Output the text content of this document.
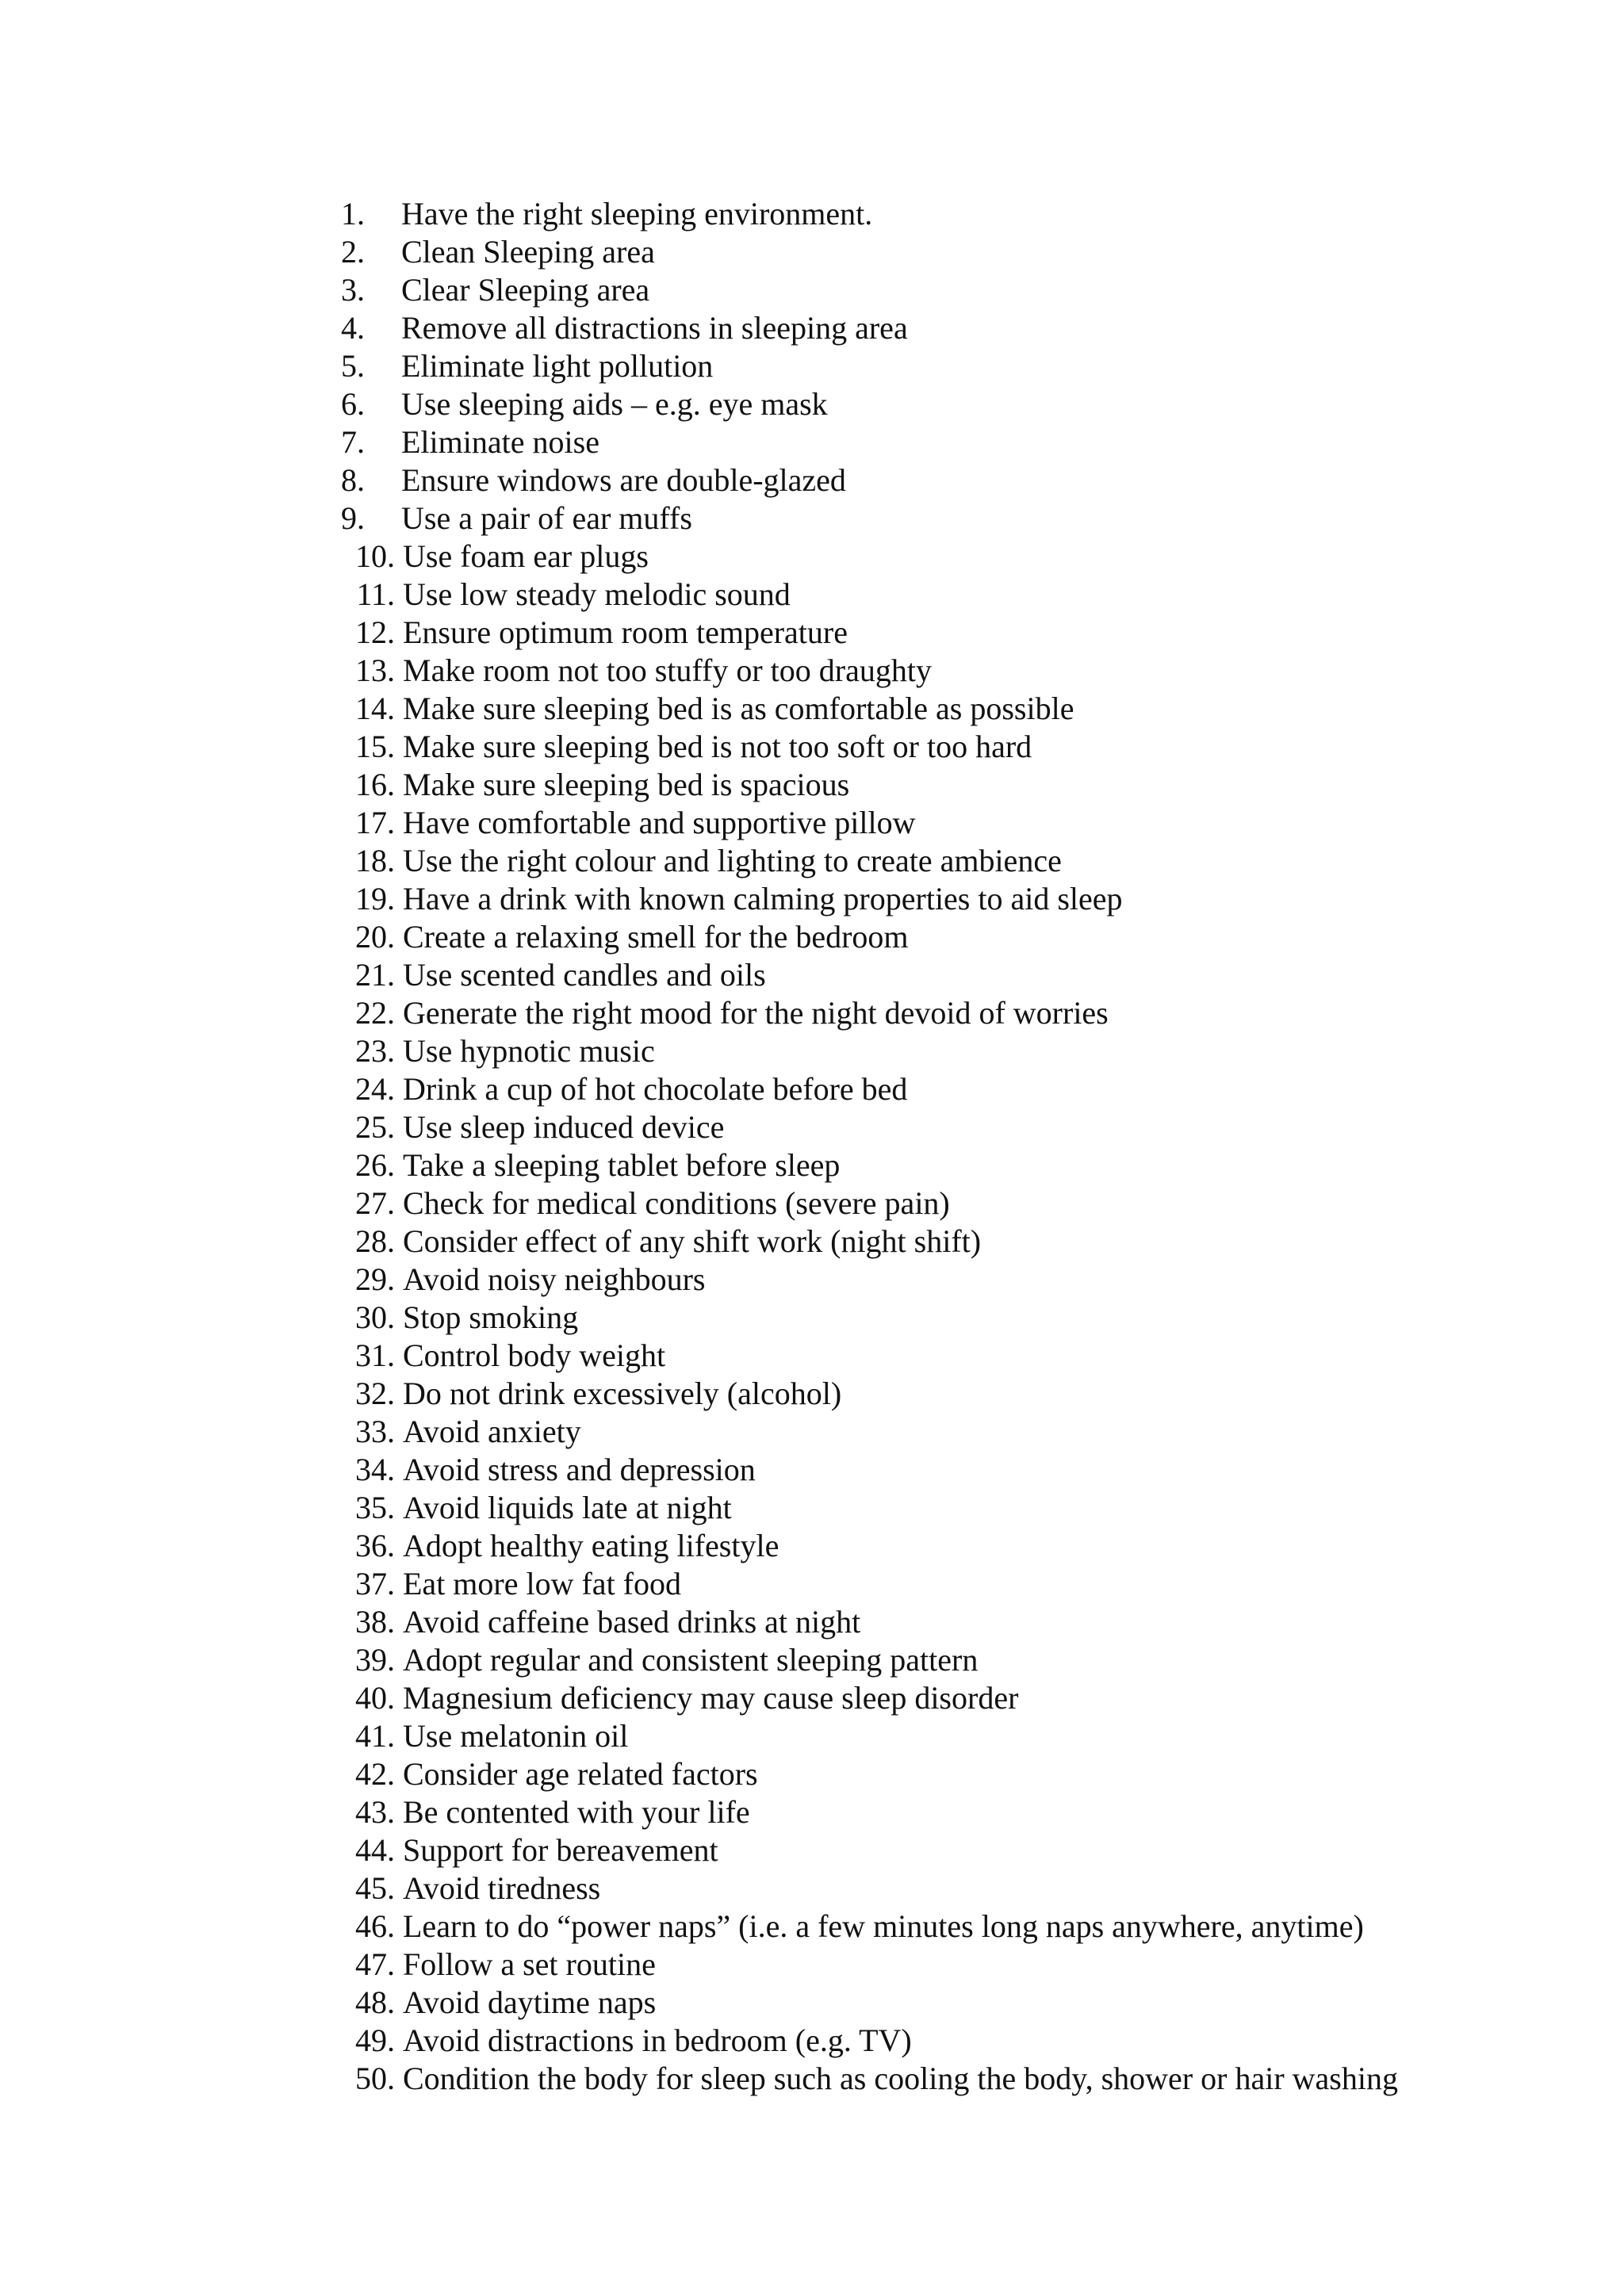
1.	Have the right sleeping environment.
2.	Clean Sleeping area
3.	Clear Sleeping area
4.	Remove all distractions in sleeping area
5.	Eliminate light pollution
6.	Use sleeping aids – e.g. eye mask
7.	Eliminate noise
8.	Ensure windows are double-glazed
9.	Use a pair of ear muffs
10. Use foam ear plugs
11. Use low steady melodic sound
12. Ensure optimum room temperature
13. Make room not too stuffy or too draughty
14. Make sure sleeping bed is as comfortable as possible
15. Make sure sleeping bed is not too soft or too hard
16. Make sure sleeping bed is spacious
17. Have comfortable and supportive pillow
18. Use the right colour and lighting to create ambience
19. Have a drink with known calming properties to aid sleep
20. Create a relaxing smell for the bedroom
21. Use scented candles and oils
22. Generate the right mood for the night devoid of worries
23. Use hypnotic music
24. Drink a cup of hot chocolate before bed
25. Use sleep induced device
26. Take a sleeping tablet before sleep
27. Check for medical conditions (severe pain)
28. Consider effect of any shift work (night shift)
29. Avoid noisy neighbours
30. Stop smoking
31. Control body weight
32. Do not drink excessively (alcohol)
33. Avoid anxiety
34. Avoid stress and depression
35. Avoid liquids late at night
36. Adopt healthy eating lifestyle
37. Eat more low fat food
38. Avoid caffeine based drinks at night
39. Adopt regular and consistent sleeping pattern
40. Magnesium deficiency may cause sleep disorder
41. Use melatonin oil
42. Consider age related factors
43. Be contented with your life
44. Support for bereavement
45. Avoid tiredness
46. Learn to do “power naps” (i.e. a few minutes long naps anywhere, anytime)
47. Follow a set routine
48. Avoid daytime naps
49. Avoid distractions in bedroom (e.g. TV)
50. Condition the body for sleep such as cooling the body, shower or hair washing
